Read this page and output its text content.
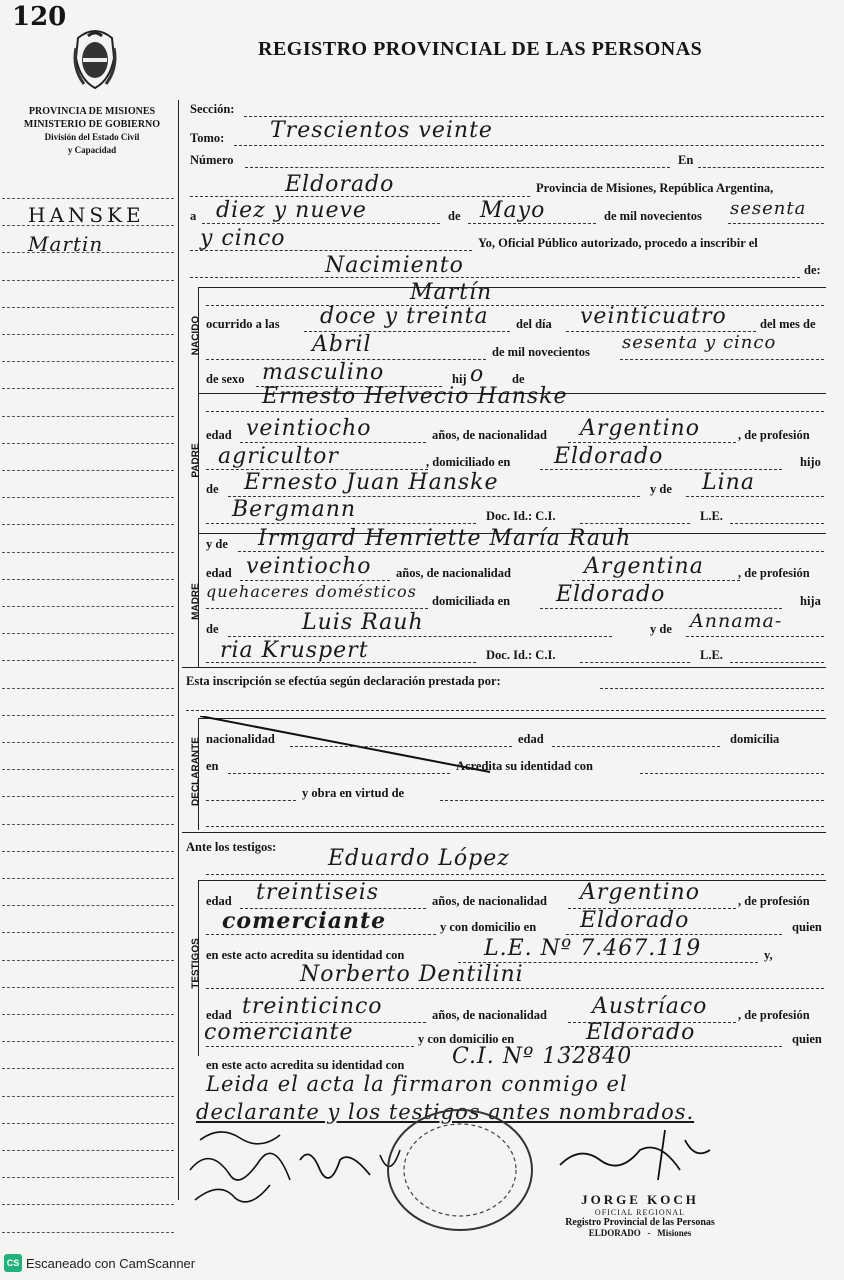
120
REGISTRO PROVINCIAL DE LAS PERSONAS
PROVINCIA DE MISIONES
MINISTERIO DE GOBIERNO
División del Estado Civil
y Capacidad
HANSKE
Martin
Sección:
Tomo: Trescientos veinte
Número	En
Eldorado	Provincia de Misiones, República Argentina,
a diez y nueve	de Mayo	de mil novecientos sesenta
y cinco	Yo, Oficial Público autorizado, procedo a inscribir el
Nacimiento	de:
NACIDO
Martín
ocurrido a las doce y treinta del día veinticuatro	del mes de
Abril	de mil novecientos sesenta y cinco
de sexo masculino	hij o de
PADRE
Ernesto Helvecio Hanske
edad veintiocho	años, de nacionalidad Argentino	, de profesión
agricultor	, domiciliado en Eldorado	hijo
de Ernesto Juan Hanske	y de Lina
Bergmann	Doc. Id.: C.I.	L.E.
MADRE
y de Irmgard Henriette María Rauh
edad veintiocho años, de nacionalidad	Argentina	, de profesión
quehaceres domésticos domiciliada en Eldorado	hija
de	Luis Rauh	y de Annama-
ria Kruspert	Doc. Id.: C.I.	L.E.
Esta inscripción se efectúa según declaración prestada por:
DECLARANTE nacionalidad	edad	domicilia
en	Acredita su identidad con
y obra en virtud de
Ante los testigos: Eduardo López
TESTIGOS
edad treintiseis	años, de nacionalidad Argentino	, de profesión
comerciante	y con domicilio en Eldorado	quien
en este acto acredita su identidad con	L.E. Nº 7.467.119	y,
Norberto Dentilini
edad treinticinco	años, de nacionalidad Austríaco , de profesión
comerciante	y con domicilio en	Eldorado	quien
en este acto acredita su identidad con C.I. Nº 132840
Leida el acta la firmaron conmigo el
declarante y los testigos antes nombrados.
JORGE KOCH
OFICIAL REGIONAL
Registro Provincial de las Personas
ELDORADO   -   Misiones
CS Escaneado con CamScanner
